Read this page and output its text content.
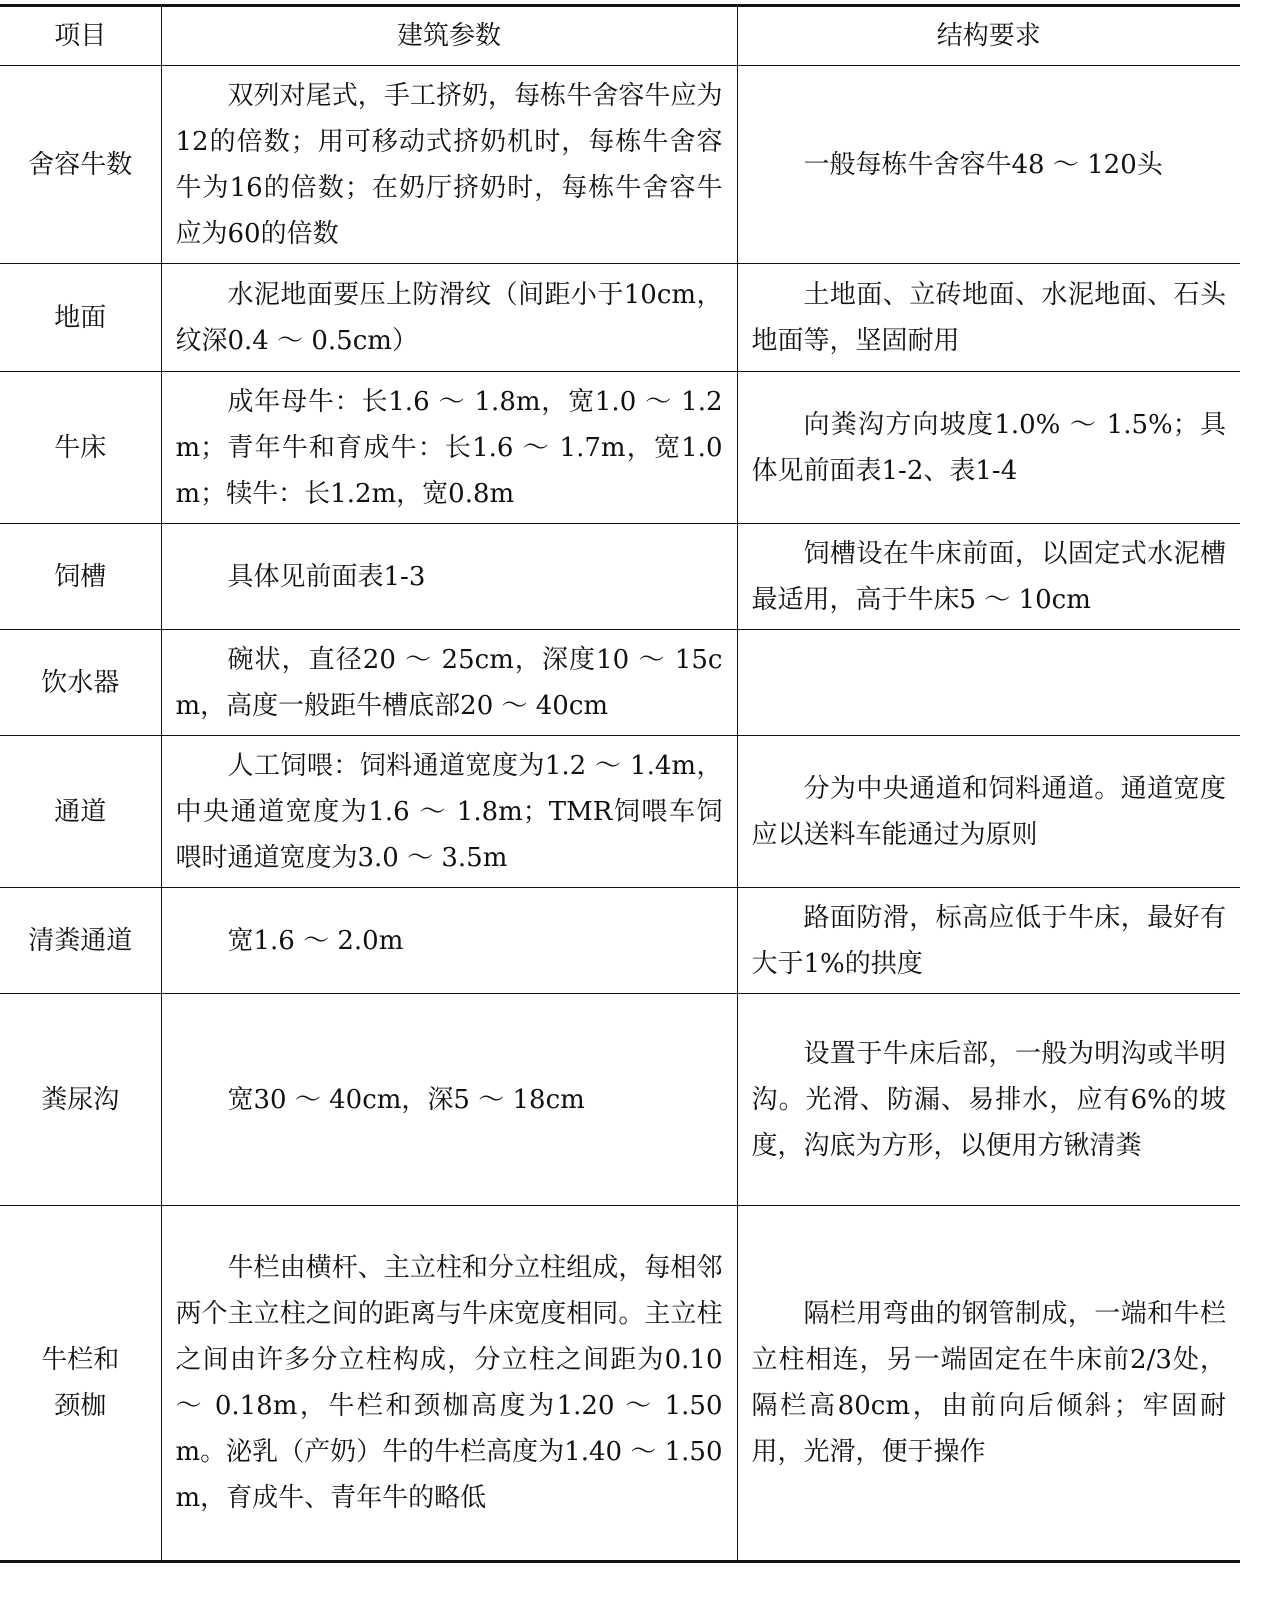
项目	建筑参数	结构要求
舍容牛数	双列对尾式，手工挤奶，每栋牛舍容牛应为12的倍数；用可移动式挤奶机时，每栋牛舍容牛为16的倍数；在奶厅挤奶时，每栋牛舍容牛应为60的倍数	一般每栋牛舍容牛48 ～ 120头
地面	水泥地面要压上防滑纹（间距小于10cm，纹深0.4 ～ 0.5cm）	土地面、立砖地面、水泥地面、石头地面等，坚固耐用
牛床	成年母牛：长1.6 ～ 1.8m，宽1.0 ～ 1.2m；青年牛和育成牛：长1.6 ～ 1.7m，宽1.0m；犊牛：长1.2m，宽0.8m	向粪沟方向坡度1.0% ～ 1.5%；具体见前面表1-2、表1-4
饲槽	具体见前面表1-3	饲槽设在牛床前面，以固定式水泥槽最适用，高于牛床5 ～ 10cm
饮水器	碗状，直径20 ～ 25cm，深度10 ～ 15cm，高度一般距牛槽底部20 ～ 40cm	
通道	人工饲喂：饲料通道宽度为1.2 ～ 1.4m，中央通道宽度为1.6 ～ 1.8m；TMR饲喂车饲喂时通道宽度为3.0 ～ 3.5m	分为中央通道和饲料通道。通道宽度应以送料车能通过为原则
清粪通道	宽1.6 ～ 2.0m	路面防滑，标高应低于牛床，最好有大于1%的拱度
粪尿沟	宽30 ～ 40cm，深5 ～ 18cm	设置于牛床后部，一般为明沟或半明沟。光滑、防漏、易排水，应有6%的坡度，沟底为方形，以便用方锹清粪
牛栏和颈枷	牛栏由横杆、主立柱和分立柱组成，每相邻两个主立柱之间的距离与牛床宽度相同。主立柱之间由许多分立柱构成，分立柱之间距为0.10 ～ 0.18m，牛栏和颈枷高度为1.20 ～ 1.50m。泌乳（产奶）牛的牛栏高度为1.40 ～ 1.50m，育成牛、青年牛的略低	隔栏用弯曲的钢管制成，一端和牛栏立柱相连，另一端固定在牛床前2/3处，隔栏高80cm，由前向后倾斜；牢固耐用，光滑，便于操作
